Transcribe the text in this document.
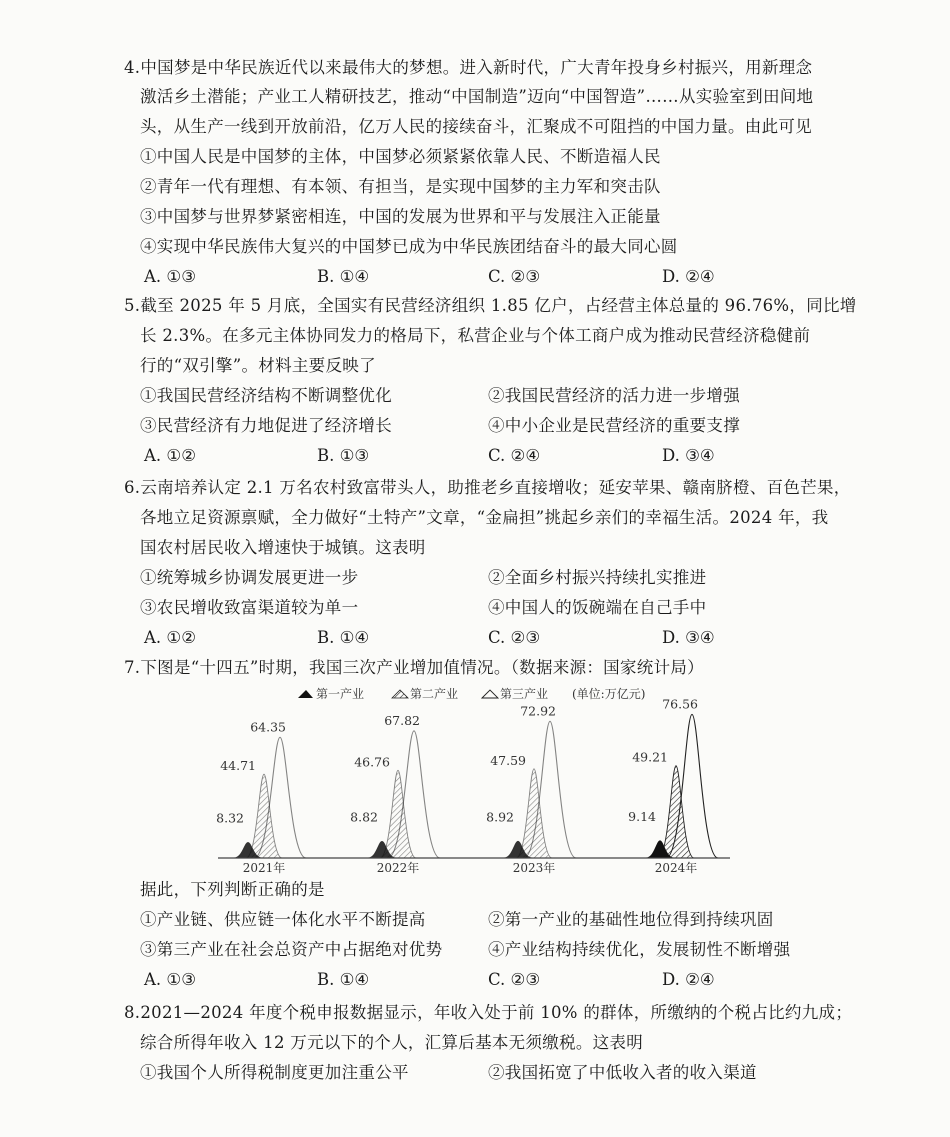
4.中国梦是中华民族近代以来最伟大的梦想。进入新时代，广大青年投身乡村振兴，用新理念
激活乡土潜能；产业工人精研技艺，推动“中国制造”迈向“中国智造”……从实验室到田间地
头，从生产一线到开放前沿，亿万人民的接续奋斗，汇聚成不可阻挡的中国力量。由此可见
①中国人民是中国梦的主体，中国梦必须紧紧依靠人民、不断造福人民
②青年一代有理想、有本领、有担当，是实现中国梦的主力军和突击队
③中国梦与世界梦紧密相连，中国的发展为世界和平与发展注入正能量
④实现中华民族伟大复兴的中国梦已成为中华民族团结奋斗的最大同心圆
A. ①③	B. ①④	C. ②③	D. ②④
5.截至 2025 年 5 月底，全国实有民营经济组织 1.85 亿户，占经营主体总量的 96.76%，同比增
长 2.3%。在多元主体协同发力的格局下，私营企业与个体工商户成为推动民营经济稳健前
行的“双引擎”。材料主要反映了
①我国民营经济结构不断调整优化	②我国民营经济的活力进一步增强
③民营经济有力地促进了经济增长	④中小企业是民营经济的重要支撑
A. ①②	B. ①③	C. ②④	D. ③④
6.云南培养认定 2.1 万名农村致富带头人，助推老乡直接增收；延安苹果、赣南脐橙、百色芒果，
各地立足资源禀赋，全力做好“土特产”文章，“金扁担”挑起乡亲们的幸福生活。2024 年，我
国农村居民收入增速快于城镇。这表明
①统筹城乡协调发展更进一步	②全面乡村振兴持续扎实推进
③农民增收致富渠道较为单一	④中国人的饭碗端在自己手中
A. ①②	B. ①④	C. ②③	D. ③④
7.下图是“十四五”时期，我国三次产业增加值情况。（数据来源：国家统计局）
第一产业	第二产业	第三产业 (单位:万亿元)
8.32
44.71
64.35
2021年
8.82
46.76
67.82
2022年
8.92
47.59
72.92
2023年
9.14
49.21
76.56
2024年
据此，下列判断正确的是
①产业链、供应链一体化水平不断提高	②第一产业的基础性地位得到持续巩固
③第三产业在社会总资产中占据绝对优势	④产业结构持续优化，发展韧性不断增强
A. ①③	B. ①④	C. ②③	D. ②④
8.2021—2024 年度个税申报数据显示，年收入处于前 10% 的群体，所缴纳的个税占比约九成；
综合所得年收入 12 万元以下的个人，汇算后基本无须缴税。这表明
①我国个人所得税制度更加注重公平	②我国拓宽了中低收入者的收入渠道
